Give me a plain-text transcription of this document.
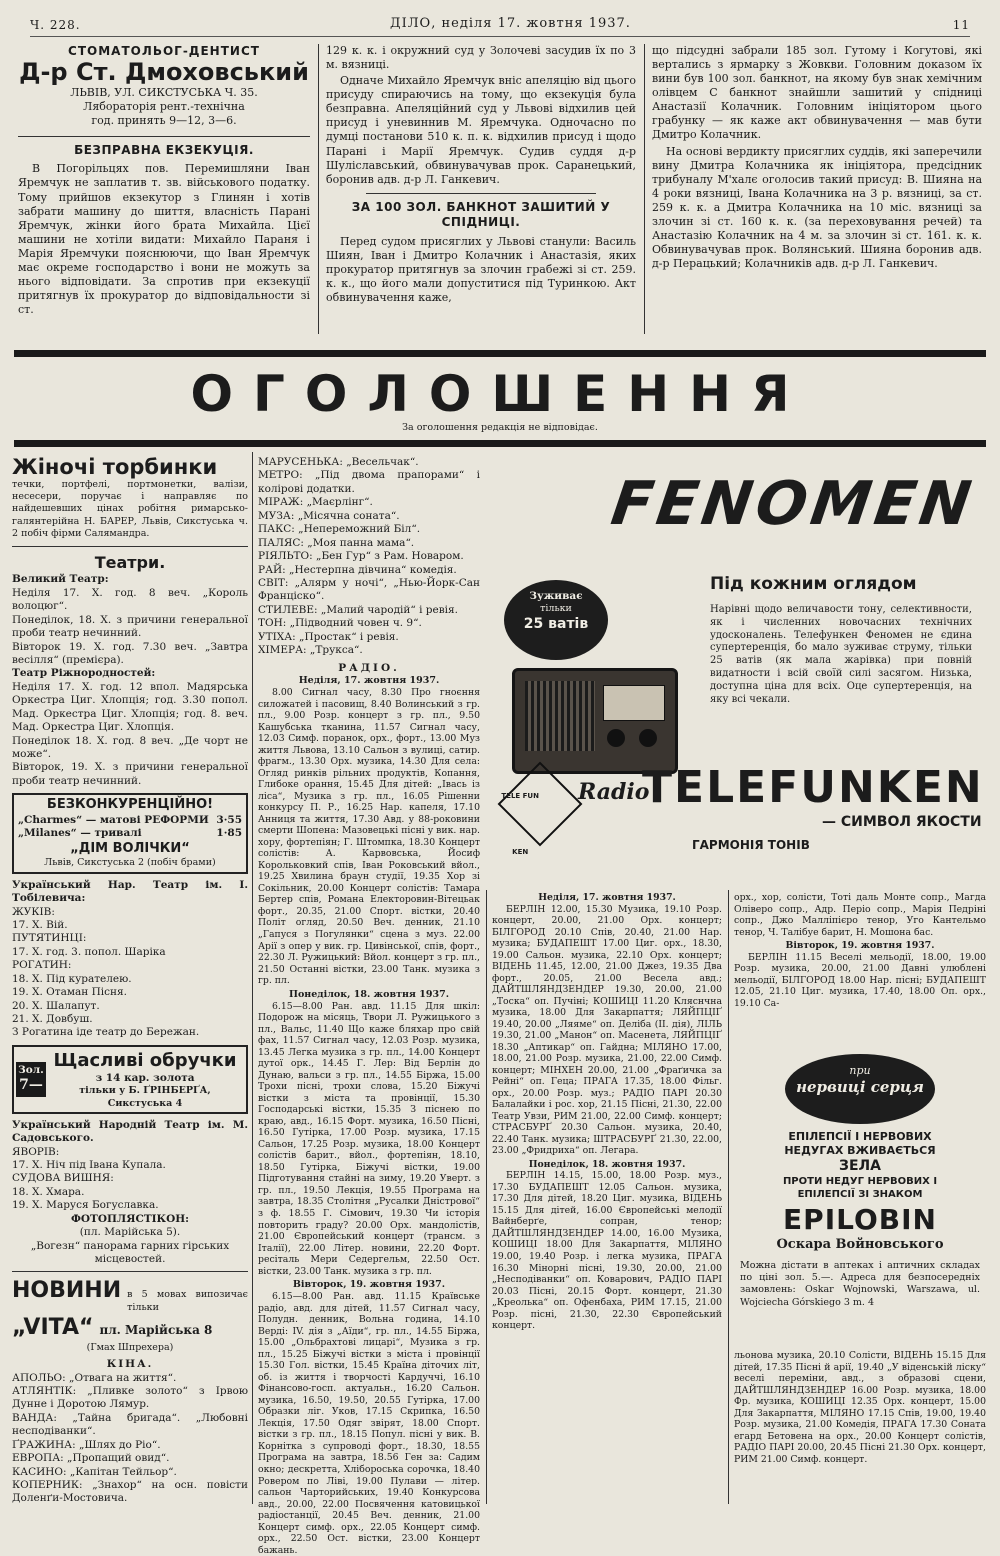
Ч. 228.	ДІЛО, неділя 17. жовтня 1937.	11
СТОМАТОЛЬОГ-ДЕНТИСТ
Д-р Ст. Дмоховський
ЛЬВІВ, УЛ. СИКСТУСЬКА Ч. 35.
Лябораторія рент.-технічна
год. принять 9—12, 3—6.
БЕЗПРАВНА ЕКЗЕКУЦІЯ.

В Погорільцях пов. Перемишляни Іван Яремчук не заплатив т. зв. військового податку. Тому прийшов екзекутор з Глинян і хотів забрати машину до шиття, власність Парані Яремчук, жінки його брата Михайла. Цієї машини не хотіли видати: Михайло Параня і Марія Яремчуки пояснюючи, що Іван Яремчук має окреме господарство і вони не можуть за нього відповідати. За спротив при екзекуції притягнув їх прокуратор до відповідальности зі ст.

129 к. к. і окружний суд у Золочеві засудив їх по 3 м. вязниці.

Одначе Михайло Яремчук вніс апеляцію від цього присуду спираючись на тому, що екзекуція була безправна. Апеляційний суд у Львові відхилив цей присуд і уневиннив М. Яремчука. Одночасно по думці постанови 510 к. п. к. відхилив присуд і щодо Парані і Марії Яремчук. Судив суддя д-р Шуліславський, обвинувачував прок. Саранецький, боронив адв. д-р Л. Ганкевич.

ЗА 100 ЗОЛ. БАНКНОТ ЗАШИТИЙ У СПІДНИЦІ.

Перед судом присяглих у Львові станули: Василь Шиян, Іван і Дмитро Колачник і Анастазія, яких прокуратор притягнув за злочин грабежі зі ст. 259. к. к., що його мали допуститися під Туринкою. Акт обвинувачення каже,

що підсудні забрали 185 зол. Гутому і Когутові, які вертались з ярмарку з Жовкви. Головним доказом їх вини був 100 зол. банкнот, на якому був знак хемічним олівцем С банкнот знайшли зашитий у спідниці Анастазії Колачник. Головним ініціятором цього грабунку — як каже акт обвинувачення — мав бути Дмитро Колачник.

На основі вердикту присяглих суддів, які заперечили вину Дмитра Колачника як ініціятора, предсідник трибуналу М'халє оголосив такий присуд: В. Шияна на 4 роки вязниці, Івана Колачника на 3 р. вязниці, за ст. 259 к. к. а Дмитра Колачника на 10 міс. вязниці за злочин зі ст. 160 к. к. (за переховування речей) та Анастазію Колачник на 4 м. за злочин зі ст. 161. к. к. Обвинувачував прок. Волянський. Шияна боронив адв. д-р Перацький; Колачників адв. д-р Л. Ганкевич.

ОГОЛОШЕННЯ
За оголошення редакція не відповідає.
Жіночі торбинки
течки, портфелі, портмонетки, валізи, несесери, поручає і направляє по найдешевших цінах робітня римарсько-галянтерійна Н. БАРЕР, Львів, Сикстуська ч. 2 побіч фірми Салямандра.
Театри.
Великий Театр:
Неділя 17. Х. год. 8 веч. „Король волоцюг“.
Понеділок, 18. Х. з причини генеральної проби театр нечинний.
Вівторок 19. Х. год. 7.30 веч. „Завтра весілля“ (премієра).
Театр Ріжнородностей:
Неділя 17. Х. год. 12 впол. Мадярська Оркестра Циг. Хлопція; год. 3.30 попол. Мад. Оркестра Циг. Хлопція; год. 8. веч. Мад. Оркестра Циг. Хлопція.
Понеділок 18. Х. год. 8 веч. „Де чорт не може“.
Вівторок, 19. Х. з причини генеральної проби театр нечинний.
БЕЗКОНКУРЕНЦІЙНО!
„Charmes“ — матові РЕФОРМИ 3·55
„Milanes“ — тривалі	1·85
„ДІМ ВОЛІЧКИ“
Львів, Сикстуська 2 (побіч брами)
Український Нар. Театр ім. І. Тобілевича:
ЖУКІВ:
17. Х. Вій.
ПУТЯТИНЦІ:
17. Х. год. 3. попол. Шаріка
РОГАТИН:
18. Х. Під курателею.
19. Х. Отаман Пісня.
20. Х. Шалапут.
21. Х. Довбуш.
З Рогатина іде театр до Бережан.
Зол.
7—
Щасливі обручки
з 14 кар. золота
тільки у Б. ҐРІНБЕРҐА, Сикстуська 4
Український Народній Театр ім. М. Садовського.
ЯВОРІВ:
17. Х. Ніч під Івана Купала.
СУДОВА ВИШНЯ:
18. Х. Хмара.
19. Х. Маруся Богуславка.
ФОТОПЛЯСТІКОН:
(пл. Марійська 5).
„Вогезн“ панорама гарних гірських місцевостей.
НОВИНИ в 5 мовах випозичає тільки
„VITA“ пл. Марійська 8
(Гмах Шпрехера)
КІНА.
АПОЛЬО: „Отвага на життя“.
АТЛЯНТІК: „Пливке золото“ з Ірвою Дунне і Доротою Лямур.
ВАНДА: „Тайна бригада“. „Любовні несподіванки“.
ҐРАЖИНА: „Шлях до Ріо“.
ЕВРОПА: „Пропащий овид“.
КАСИНО: „Капітан Тейльор“.
КОПЕРНИК: „Знахор“ на осн. повісти Доленґи-Мостовича.
МАРУСЕНЬКА: „Весельчак“.
МЕТРО: „Під двома прапорами“ і колірові додатки.
МІРАЖ: „Маєрлінг“.
МУЗА: „Місячна соната“.
ПАКС: „Непереможний Біл“.
ПАЛЯС: „Моя панна мама“.
РІЯЛЬТО: „Бен Гур“ з Рам. Новаром.
РАЙ: „Нестерпна дівчина“ комедія.
СВІТ: „Алярм у ночі“, „Нью-Йорк-Сан Франціско“.
СТИЛЕВЕ: „Малий чародій“ і ревія.
ТОН: „Підводний човен ч. 9“.
УТІХА: „Простак“ і ревія.
ХІМЕРА: „Трукса“.
РАДІО.
Неділя, 17. жовтня 1937.

8.00 Сигнал часу, 8.30 Про гноєння силожатей і пасовищ, 8.40 Волинський з гр. пл., 9.00 Розр. концерт з гр. пл., 9.50 Кашубська тканина, 11.57 Сигнал часу, 12.03 Симф. поранок, орх., форт., 13.00 Муз життя Львова, 13.10 Сальон з вулиці, сатир. фрагм., 13.30 Орх. музика, 14.30 Для села: Огляд ринків рільних продуктів, Копання, Глибоке орання, 15.45 Для дітей: „Івась із ліса“, Музика з гр. пл., 16.05 Рішенни конкурсу П. Р., 16.25 Нар. капеля, 17.10 Анниця та життя, 17.30 Авд. у 88-роковини смерти Шопена: Мазовецькі пісні у вик. нар. хору, фортепіян; Г. Штомпка, 18.30 Концерт солістів: А. Карвовська, Йосиф Корольковкий спів, Іван Роковський вйол., 19.25 Хвилина браун студії, 19.35 Хор зі Сокільник, 20.00 Концерт солістів: Тамара Бертер спів, Романа Електоровин-Вітецьак форт., 20.35, 21.00 Спорт. вістки, 20.40 Політ огляд, 20.50 Веч. денник, 21.10 „Гапуся з Погулянки“ сцена з муз. 22.00 Арії з опер у вик. гр. Цивінської, спів, форт., 22.30 Л. Ружицький: Вйол. концерт з гр. пл., 21.50 Останні вістки, 23.00 Танк. музика з гр. пл.

Понеділок, 18. жовтня 1937.

6.15—8.00 Ран. авд. 11.15 Для шкіл: Подорож на місяць, Твори Л. Ружицького з пл., Вальс, 11.40 Що каже бляхар про свій фах, 11.57 Сигнал часу, 12.03 Розр. музика, 13.45 Легка музика з гр. пл., 14.00 Концерт дутої орк., 14.45 Г. Лер: Від Берлін до Дунаю, вальси з гр. пл., 14.55 Біржа, 15.00 Трохи пісні, трохи слова, 15.20 Біжучі вістки з міста та провінції, 15.30 Господарські вістки, 15.35 З піснею по краю, авд., 16.15 Форт. музика, 16.50 Пісні, 16.50 Гутірка, 17.00 Розр. музика, 17.15 Сальон, 17.25 Розр. музика, 18.00 Концерт солістів барит., вйол., фортепіян, 18.10, 18.50 Гутірка, Біжучі вістки, 19.00 Підготування стайні на зиму, 19.20 Уверт. з гр. пл., 19.50 Лекція, 19.55 Програма на завтра, 18.35 Столітня „Русалки Дністрової“ з ф. 18.55 Г. Сімович, 19.30 Чи історія повторить граду? 20.00 Орх. мандолістів, 21.00 Європейський концерт (трансм. з Італії), 22.00 Літер. новини, 22.20 Форт. ресіталь Мери Седергельм, 22.50 Ост. вістки, 23.00 Танк. музика з гр. пл.

Вівторок, 19. жовтня 1937.

6.15—8.00 Ран. авд. 11.15 Краївське радіо, авд. для дітей, 11.57 Сигнал часу, Полудн. денник, Вольна година, 14.10 Верді: IV. дія з „Аїди“, гр. пл., 14.55 Біржа, 15.00 „Ольбрахтові лицарі“, Музика з гр. пл., 15.25 Біжучі вістки з міста і провінції 15.30 Гол. вістки, 15.45 Країна діточих літ, об. із життя і творчості Кардуччі, 16.10 Фінансово-госп. актуальн., 16.20 Сальон. музика, 16.50, 19.50, 20.55 Гутірка, 17.00 Образки ліг. Уков, 17.15 Скрипка, 16.50 Лекція, 17.50 Одяг звірят, 18.00 Спорт. вістки з гр. пл., 18.15 Попул. пісні у вик. В. Корнітка з супроводі форт., 18.30, 18.55 Програма на завтра, 18.56 Ген за: Садим окно; дескретта, Хлібороська сорочка, 18.40 Ровером по Ліві, 19.00 Пулави — літер. сальон Чарторийських, 19.40 Конкурсова авд., 20.00, 22.00 Посвячення катовицької радіостанції, 20.45 Веч. денник, 21.00 Концерт симф. орх., 22.05 Концерт симф. орх., 22.50 Ост. вістки, 23.00 Концерт бажань.

FENOMEN
Під кожним оглядом
Зуживає
тільки
25 ватів

Нарівні щодо величавости тону, селективности, як і численних новочасних технічних удосконалень. Телефункен Феномен не єдина супертеренція, бо мало зуживає струму, тільки 25 ватів (як мала жарівка) при повній видатности і всій своїй силі засягом. Низька, доступна ціна для всіх. Оце супертеренція, на яку всі чекали.

TELE FUN KEN
Radio
TELEFUNKEN
— СИМВОЛ ЯКОСТИ
ГАРМОНІЯ ТОНІВ
Неділя, 17. жовтня 1937.

БЕРЛІН 12.00, 15.30 Музика, 19.10 Розр. концерт, 20.00, 21.00 Орх. концерт; БІЛГОРОД 20.10 Спів, 20.40, 21.00 Нар. музика; БУДАПЕШТ 17.00 Циг. орх., 18.30, 19.00 Сальон. музика, 22.10 Орх. концерт; ВІДЕНЬ 11.45, 12.00, 21.00 Джез, 19.35 Два форт., 20.05, 21.00 Весела авд.; ДАЙТШЛЯНДЗЕНДЕР 19.30, 20.00, 21.00 „Тоска“ оп. Пучіні; КОШИЦІ 11.20 Кляснчна музика, 18.00 Для Закарпаття; ЛЯЙПЦІҐ 19.40, 20.00 „Ляяме“ оп. Деліба (II. дія), ЛІЛЬ 19.30, 21.00 „Манон“ оп. Масенета, ЛЯЙПЦІҐ 18.30 „Аптикар“ оп. Гайдна; МІЛЯНО 17.00, 18.00, 21.00 Розр. музика, 21.00, 22.00 Симф. концерт; МІНХЕН 20.00, 21.00 „Фраґичка за Рейні“ оп. Геца; ПРАГА 17.35, 18.00 Фільг. орх., 20.00 Розр. муз.; РАДІО ПАРІ 20.30 Балалайки і рос. хор, 21.15 Пісні, 21.30, 22.00 Театр Увзи, РИМ 21.00, 22.00 Симф. концерт; СТРАСБУРҐ 20.30 Сальон. музика, 20.40, 22.40 Танк. музика; ШТРАСБУРҐ 21.30, 22.00, 23.00 „Фридриха“ оп. Легара.

Понеділок, 18. жовтня 1937.

БЕРЛІН 14.15, 15.00, 18.00 Розр. муз., 17.30 БУДАПЕШТ 12.05 Сальон. музика, 17.30 Для дітей, 18.20 Циг. музика, ВІДЕНЬ 15.15 Для дітей, 16.00 Європейські мелодії Вайнберґе, сопран, тенор; ДАЙТШЛЯНДЗЕНДЕР 14.00, 16.00 Музика, КОШИЦІ 18.00 Для Закарпаття, МІЛЯНО 19.00, 19.40 Розр. і легка музика, ПРАГА 16.30 Мінорні пісні, 19.30, 20.00, 21.00 „Несподіванки“ оп. Коварович, РАДІО ПАРІ 20.03 Пісні, 20.15 Форт. концерт, 21.30 „Креолька“ оп. Офенбаха, РИМ 17.15, 21.00 Розр. пісні, 21.30, 22.30 Європейський концерт.

орх., хор, солісти, Тоті даль Монте сопр., Магда Оліверо сопр., Адр. Періо сопр., Марія Педріні сопр., Джо Малліпієро тенор, Уго Кантельмо тенор, Ч. Талібуе барит, Н. Мошона бас.

Вівторок, 19. жовтня 1937.

БЕРЛІН 11.15 Веселі мельодії, 18.00, 19.00 Розр. музика, 20.00, 21.00 Давні улюблені мельодії, БІЛГОРОД 18.00 Нар. пісні; БУДАПЕШТ 12.05, 21.10 Циг. музика, 17.40, 18.00 Оп. орх., 19.10 Са-

при
нервиці серця
ЕПІЛЕПСІЇ І НЕРВОВИХ
НЕДУГАХ ВЖИВАЄТЬСЯ
ЗЕЛА
ПРОТИ НЕДУГ НЕРВОВИХ І
ЕПІЛЕПСІЇ ЗІ ЗНАКОМ
EPILOBIN
Оскара Войновського

Можна дістати в аптеках і аптичних складах по ціні зол. 5.—. Адреса для безпосередніх замовлень: Oskar Wojnowski, Warszawa, ul. Wojciecha Górskiego 3 m. 4

льонова музика, 20.10 Солісти, ВІДЕНЬ 15.15 Для дітей, 17.35 Пісні й арії, 19.40 „У віденській ліску“ веселі переміни, авд., з образові сцени, ДАЙТШЛЯНДЗЕНДЕР 16.00 Розр. музика, 18.00 Фр. музика, КОШИЦІ 12.35 Орх. концерт, 15.00 Для Закарпаття, МІЛЯНО 17.15 Спів, 19.00, 19.40 Розр. музика, 21.00 Комедія, ПРАГА 17.30 Соната егард Бетовена на орх., 20.00 Концерт солістів, РАДІО ПАРІ 20.00, 20.45 Пісні 21.30 Орх. концерт, РИМ 21.00 Симф. концерт.
